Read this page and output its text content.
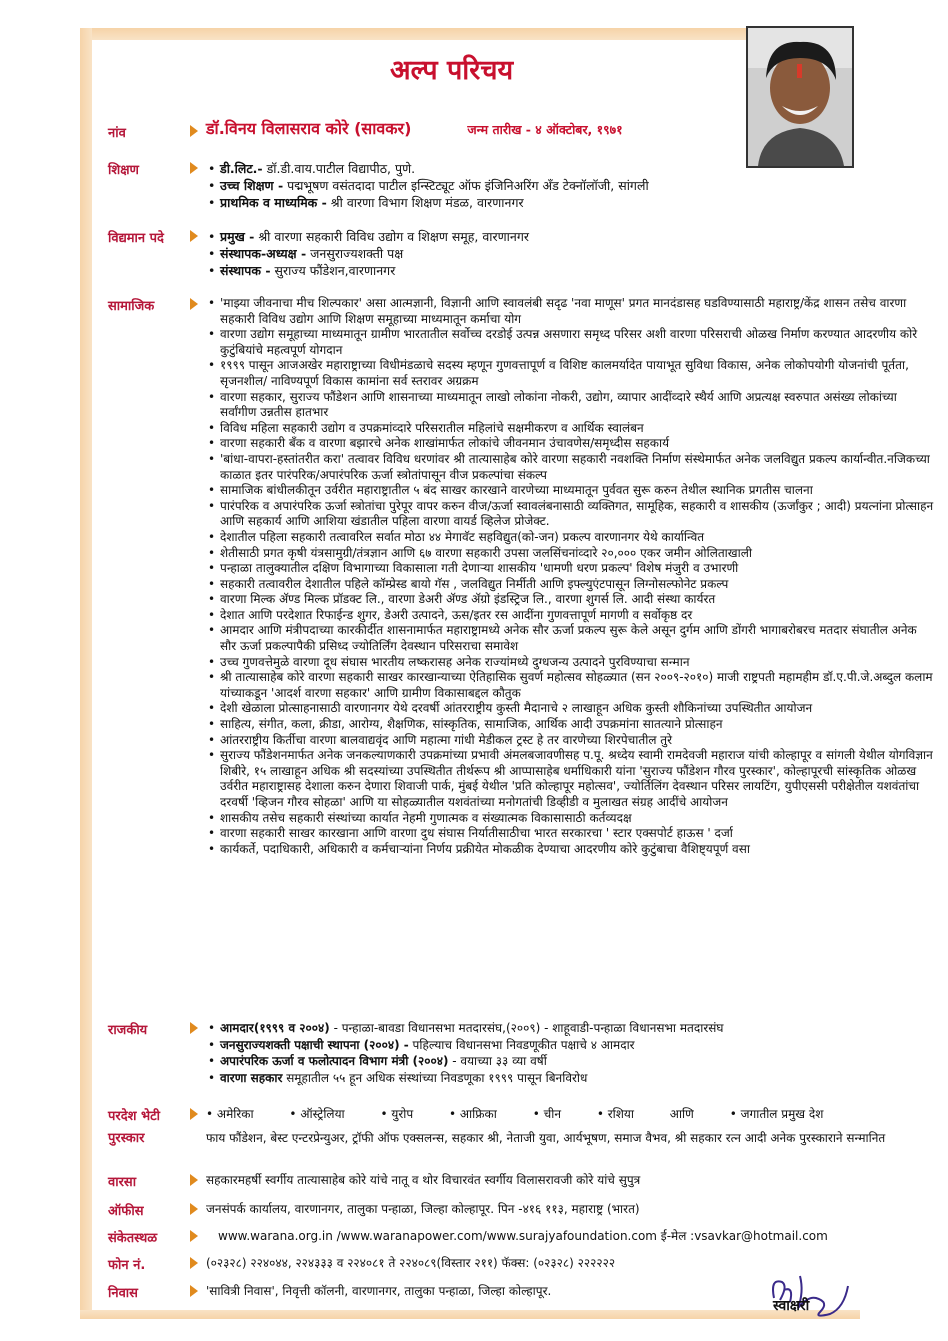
अल्प परिचय
नांव	डॉ.विनय विलासराव कोरे (सावकर)	जन्म तारीख - ४ ऑक्टोबर, १९७१
शिक्षण	• डी.लिट.- डॉ.डी.वाय.पाटील विद्यापीठ, पुणे.
• उच्च शिक्षण - पद्मभूषण वसंतदादा पाटील इन्स्टिट्यूट ऑफ इंजिनिअरिंग अँड टेक्नॉलॉजी, सांगली
• प्राथमिक व माध्यमिक - श्री वारणा विभाग शिक्षण मंडळ, वारणानगर
विद्यमान पदे	• प्रमुख - श्री वारणा सहकारी विविध उद्योग व शिक्षण समूह, वारणानगर
• संस्थापक-अध्यक्ष - जनसुराज्यशक्ती पक्ष
• संस्थापक - सुराज्य फौंडेशन,वारणानगर
सामाजिक	• 'माझ्या जीवनाचा मीच शिल्पकार' असा आत्मज्ञानी, विज्ञानी आणि स्वावलंबी सदृढ 'नवा माणूस' प्रगत मानदंडासह घडविण्यासाठी महाराष्ट्र/केंद्र शासन तसेच वारणा सहकारी विविध उद्योग आणि शिक्षण समूहाच्या माध्यमातून कर्माचा योग
• वारणा उद्योग समूहाच्या माध्यमातून ग्रामीण भारतातील सर्वोच्च दरडोई उत्पन्न असणारा समृध्द परिसर अशी वारणा परिसराची ओळख निर्माण करण्यात आदरणीय कोरे कुटुंबियांचे महत्वपूर्ण योगदान
• १९९९ पासून आजअखेर महाराष्ट्राच्या विधीमंडळाचे सदस्य म्हणून गुणवत्तापूर्ण व विशिष्ट कालमर्यादेत पायाभूत सुविधा विकास, अनेक लोकोपयोगी योजनांची पूर्तता, सृजनशील/ नाविण्यपूर्ण विकास कामांना सर्व स्तरावर अग्रक्रम
• वारणा सहकार, सुराज्य फौंडेशन आणि शासनाच्या माध्यमातून लाखो लोकांना नोकरी, उद्योग, व्यापार आदींव्दारे स्थैर्य आणि अप्रत्यक्ष स्वरुपात असंख्य लोकांच्या सर्वांगीण उन्नतीस हातभार
• विविध महिला सहकारी उद्योग व उपक्रमांव्दारे परिसरातील महिलांचे सक्षमीकरण व आर्थिक स्वालंबन
• वारणा सहकारी बँक व वारणा बझारचे अनेक शाखांमार्फत लोकांचे जीवनमान उंचावणेस/समृध्दीस सहकार्य
• 'बांधा-वापरा-हस्तांतरीत करा' तत्वावर विविध धरणांवर श्री तात्यासाहेब कोरे वारणा सहकारी नवशक्ति निर्माण संस्थेमार्फत अनेक जलविद्युत प्रकल्प कार्यान्वीत.नजिकच्या काळात इतर पारंपरिक/अपारंपरिक ऊर्जा स्त्रोतांपासून वीज प्रकल्पांचा संकल्प
• सामाजिक बांधीलकीतून उर्वरीत महाराष्ट्रातील ५ बंद साखर कारखाने वारणेच्या माध्यमातून पुर्ववत सुरू करुन तेथील स्थानिक प्रगतीस चालना
• पारंपरिक व अपारंपरिक ऊर्जा स्त्रोतांचा पुरेपूर वापर करुन वीज/ऊर्जा स्वावलंबनासाठी व्यक्तिगत, सामूहिक, सहकारी व शासकीय (ऊर्जांकुर ; आदी) प्रयत्नांना प्रोत्साहन आणि सहकार्य आणि आशिया खंडातील पहिला वारणा वायर्ड व्हिलेज प्रोजेक्ट.
• देशातील पहिला सहकारी तत्वावरिल सर्वात मोठा ४४ मेगावॅट सहविद्युत(को-जन) प्रकल्प वारणानगर येथे कार्यान्वित
• शेतीसाठी प्रगत कृषी यंत्रसामुग्री/तंत्रज्ञान आणि ६७ वारणा सहकारी उपसा जलसिंचनांव्दारे २०,००० एकर जमीन ओलिताखाली
• पन्हाळा तालुक्यातील दक्षिण विभागाच्या विकासाला गती देणाऱ्या शासकीय 'धामणी धरण प्रकल्प' विशेष मंजुरी व उभारणी
• सहकारी तत्वावरील देशातील पहिले कॉम्प्रेस्ड बायो गॅस , जलविद्युत निर्मीती आणि इफ्ल्युएंटपासून लिग्नोसल्फोनेट प्रकल्प
• वारणा मिल्क ॲण्ड मिल्क प्रॉडक्ट लि., वारणा डेअरी ॲण्ड ॲग्रो इंडस्ट्रिज लि., वारणा शुगर्स लि. आदी संस्था कार्यरत
• देशात आणि परदेशात रिफाईन्ड शुगर, डेअरी उत्पादने, ऊस/इतर रस आदींना गुणवत्तापूर्ण मागणी व सर्वोकृष्ठ दर
• आमदार आणि मंत्रीपदाच्या कारकीर्दीत शासनामार्फत महाराष्ट्रामध्ये अनेक सौर ऊर्जा प्रकल्प सुरू केले असून दुर्गम आणि डोंगरी भागाबरोबरच मतदार संघातील अनेक सौर ऊर्जा प्रकल्पापैकी प्रसिध्द ज्योतिर्लिंग देवस्थान परिसराचा समावेश
• उच्च गुणवत्तेमुळे वारणा दूध संघास भारतीय लष्करासह अनेक राज्यांमध्ये दुग्धजन्य उत्पादने पुरविण्याचा सन्मान
• श्री तात्यासाहेब कोरे वारणा सहकारी साखर कारखान्याच्या ऐतिहासिक सुवर्ण महोत्सव सोहळ्यात (सन २००९-२०१०) माजी राष्ट्रपती महामहीम डॉ.ए.पी.जे.अब्दुल कलाम यांच्याकडून 'आदर्श वारणा सहकार' आणि ग्रामीण विकासाबद्दल कौतुक
• देशी खेळाला प्रोत्साहनासाठी वारणानगर येथे दरवर्षी आंतरराष्ट्रीय कुस्ती मैदानाचे २ लाखाहून अधिक कुस्ती शौकिनांच्या उपस्थितीत आयोजन
• साहित्य, संगीत, कला, क्रीडा, आरोग्य, शैक्षणिक, सांस्कृतिक, सामाजिक, आर्थिक आदी उपक्रमांना सातत्याने प्रोत्साहन
• आंतरराष्ट्रीय किर्तीचा वारणा बालवाद्यवृंद आणि महात्मा गांधी मेडीकल ट्रस्ट हे तर वारणेच्या शिरपेचातील तुरे
• सुराज्य फौंडेशनमार्फत अनेक जनकल्याणकारी उपक्रमांच्या प्रभावी अंमलबजावणीसह प.पू. श्रध्देय स्वामी रामदेवजी महाराज यांची कोल्हापूर व सांगली येथील योगविज्ञान शिबीरे, १५ लाखाहून अधिक श्री सदस्यांच्या उपस्थितीत तीर्थरूप श्री आप्पासाहेब धर्माधिकारी यांना 'सुराज्य फौंडेशन गौरव पुरस्कार', कोल्हापूरची सांस्कृतिक ओळख उर्वरीत महाराष्ट्रासह देशाला करुन देणारा शिवाजी पार्क, मुंबई येथील 'प्रति कोल्हापूर महोत्सव', ज्योर्तिलिंग देवस्थान परिसर लायटिंग, युपीएससी परीक्षेतील यशवंतांचा दरवर्षी 'व्हिजन गौरव सोहळा' आणि या सोहळ्यातील यशवंतांच्या मनोगतांची डिव्हीडी व मुलाखत संग्रह आदींचे आयोजन
• शासकीय तसेच सहकारी संस्थांच्या कार्यात नेहमी गुणात्मक व संख्यात्मक विकासासाठी कर्तव्यदक्ष
• वारणा सहकारी साखर कारखाना आणि वारणा दुध संघास निर्यातीसाठीचा भारत सरकारचा ' स्टार एक्सपोर्ट हाऊस ' दर्जा
• कार्यकर्ते, पदाधिकारी, अधिकारी व कर्मचाऱ्यांना निर्णय प्रक्रीयेत मोकळीक देण्याचा आदरणीय कोरे कुटुंबाचा वैशिष्ट्यपूर्ण वसा
राजकीय	• आमदार(१९९९ व २००४) - पन्हाळा-बावडा विधानसभा मतदारसंघ,(२००९) - शाहूवाडी-पन्हाळा विधानसभा मतदारसंघ
• जनसुराज्यशक्ती पक्षाची स्थापना (२००४) - पहिल्याच विधानसभा निवडणूकीत पक्षाचे ४ आमदार
• अपारंपरिक ऊर्जा व फलोत्पादन विभाग मंत्री (२००४) - वयाच्या ३३ व्या वर्षी
• वारणा सहकार समूहातील ५५ हून अधिक संस्थांच्या निवडणूका १९९९ पासून बिनविरोध
परदेश भेटी	• अमेरिका	• ऑस्ट्रेलिया	• युरोप	• आफ्रिका	• चीन	• रशिया	आणि	• जगातील प्रमुख देश
पुरस्कार	फाय फौंडेशन, बेस्ट एन्टरप्रेन्युअर, ट्रॉफी ऑफ एक्सलन्स, सहकार श्री, नेताजी युवा, आर्यभूषण, समाज वैभव, श्री सहकार रत्न आदी अनेक पुरस्काराने सन्मानित
वारसा	सहकारमहर्षी स्वर्गीय तात्यासाहेब कोरे यांचे नातू व थोर विचारवंत स्वर्गीय विलासरावजी कोरे यांचे सुपुत्र
ऑफीस	जनसंपर्क कार्यालय, वारणानगर, तालुका पन्हाळा, जिल्हा कोल्हापूर. पिन -४१६ ११३, महाराष्ट्र (भारत)
संकेतस्थळ	www.warana.org.in /www.waranapower.com/www.surajyafoundation.com ई-मेल :vsavkar@hotmail.com
फोन नं.	(०२३२८) २२४०४४, २२४३३३ व २२४०८१ ते २२४०८९(विस्तार २११) फॅक्स: (०२३२८) २२२२२२
निवास	'सावित्री निवास', निवृत्ती कॉलनी, वारणानगर, तालुका पन्हाळा, जिल्हा कोल्हापूर.
स्वाक्षरी
